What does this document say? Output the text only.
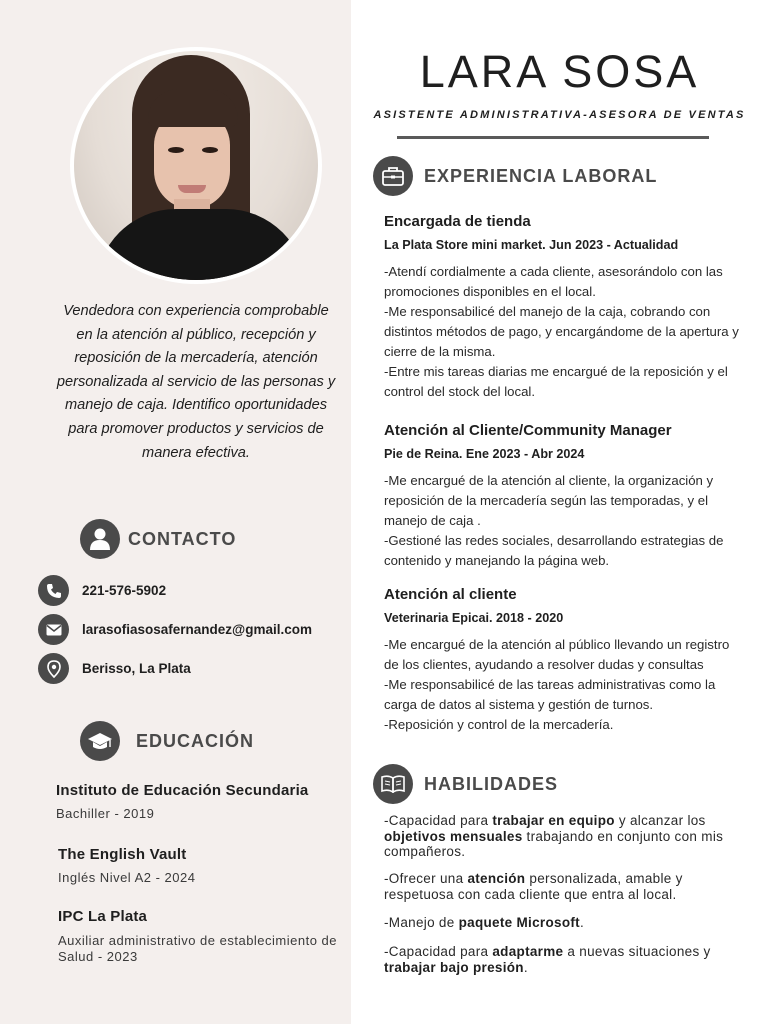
Vendedora con experiencia comprobable en la atención al público, recepción y reposición de la mercadería, atención personalizada al servicio de las personas y manejo de caja. Identifico oportunidades para promover productos y servicios de manera efectiva.

CONTACTO
221-576-5902
larasofiasosafernandez@gmail.com
Berisso, La Plata
EDUCACIÓN
Instituto de Educación Secundaria
Bachiller - 2019
The English Vault
Inglés Nivel A2 - 2024
IPC La Plata
Auxiliar administrativo de establecimiento de Salud - 2023
LARA SOSA
ASISTENTE ADMINISTRATIVA-ASESORA DE VENTAS
EXPERIENCIA LABORAL
Encargada de tienda
La Plata Store mini market. Jun 2023 - Actualidad
-Atendí cordialmente a cada cliente, asesorándolo con las promociones disponibles en el local.
-Me responsabilicé del manejo de la caja, cobrando con distintos métodos de pago, y encargándome de la apertura y cierre de la misma.
-Entre mis tareas diarias me encargué de la reposición y el control del stock del local.
Atención al Cliente/Community Manager
Pie de Reina. Ene 2023 - Abr 2024
-Me encargué de la atención al cliente, la organización y reposición de la mercadería según las temporadas, y el manejo de caja .
-Gestioné las redes sociales, desarrollando estrategias de contenido y manejando la página web.
Atención al cliente
Veterinaria Epicai. 2018 - 2020
-Me encargué de la atención al público llevando un registro de los clientes, ayudando a resolver dudas y consultas
-Me responsabilicé de las tareas administrativas como la carga de datos al sistema y gestión de turnos.
-Reposición y control de la mercadería.
HABILIDADES
-Capacidad para trabajar en equipo y alcanzar los objetivos mensuales trabajando en conjunto con mis compañeros.
-Ofrecer una atención personalizada, amable y respetuosa con cada cliente que entra al local.
-Manejo de paquete Microsoft.
-Capacidad para adaptarme a nuevas situaciones y trabajar bajo presión.
